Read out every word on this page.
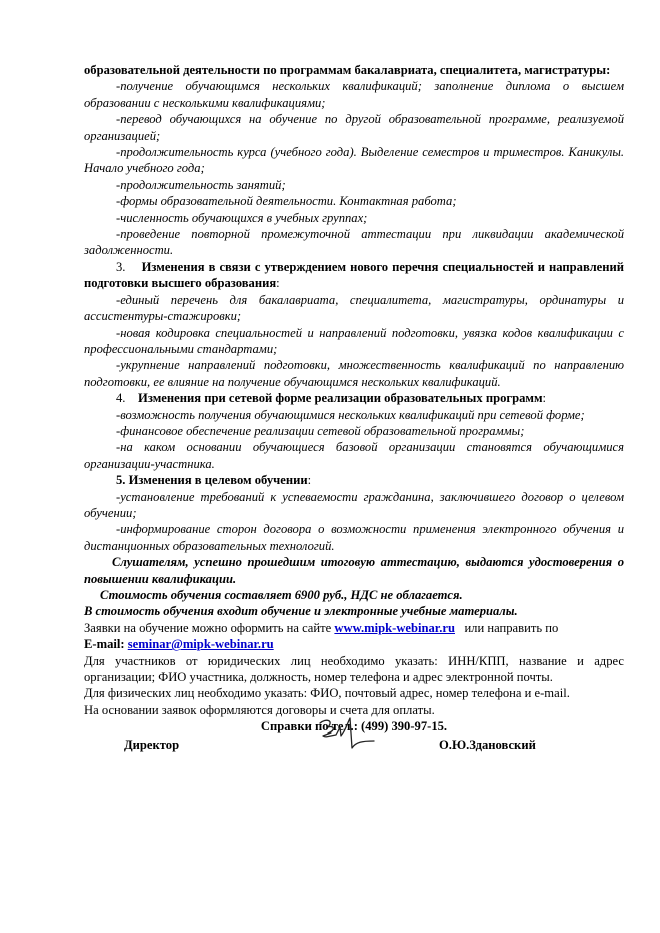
образовательной деятельности по программам бакалавриата, специалитета, магистратуры:

-получение обучающимся нескольких квалификаций; заполнение диплома о высшем образовании с несколькими квалификациями;

-перевод обучающихся на обучение по другой образовательной программе, реализуемой организацией;

-продолжительность курса (учебного года). Выделение семестров и триместров. Каникулы. Начало учебного года;

-продолжительность занятий;

-формы образовательной деятельности. Контактная работа;

-численность обучающихся в учебных группах;

-проведение повторной промежуточной аттестации при ликвидации академической задолженности.

3. Изменения в связи с утверждением нового перечня специальностей и направлений подготовки высшего образования:

-единый перечень для бакалавриата, специалитета, магистратуры, ординатуры и ассистентуры-стажировки;

-новая кодировка специальностей и направлений подготовки, увязка кодов квалификации с профессиональными стандартами;

-укрупнение направлений подготовки, множественность квалификаций по направлению подготовки, ее влияние на получение обучающимся нескольких квалификаций.

4. Изменения при сетевой форме реализации образовательных программ:

-возможность получения обучающимися нескольких квалификаций при сетевой форме;

-финансовое обеспечение реализации сетевой образовательной программы;

-на каком основании обучающиеся базовой организации становятся обучающимися организации-участника.

5. Изменения в целевом обучении:

-установление требований к успеваемости гражданина, заключившего договор о целевом обучении;

-информирование сторон договора о возможности применения электронного обучения и дистанционных образовательных технологий.

Слушателям, успешно прошедшим итоговую аттестацию, выдаются удостоверения о повышении квалификации.

Стоимость обучения составляет 6900 руб., НДС не облагается.

В стоимость обучения входит обучение и электронные учебные материалы.

Заявки на обучение можно оформить на сайте www.mipk-webinar.ru или направить по
E-mail: seminar@mipk-webinar.ru

Для участников от юридических лиц необходимо указать: ИНН/КПП, название и адрес организации; ФИО участника, должность, номер телефона и адрес электронной почты.

Для физических лиц необходимо указать: ФИО, почтовый адрес, номер телефона и e-mail.

На основании заявок оформляются договоры и счета для оплаты.

Справки по тел.: (499) 390-97-15.

Директор	О.Ю.Здановский
